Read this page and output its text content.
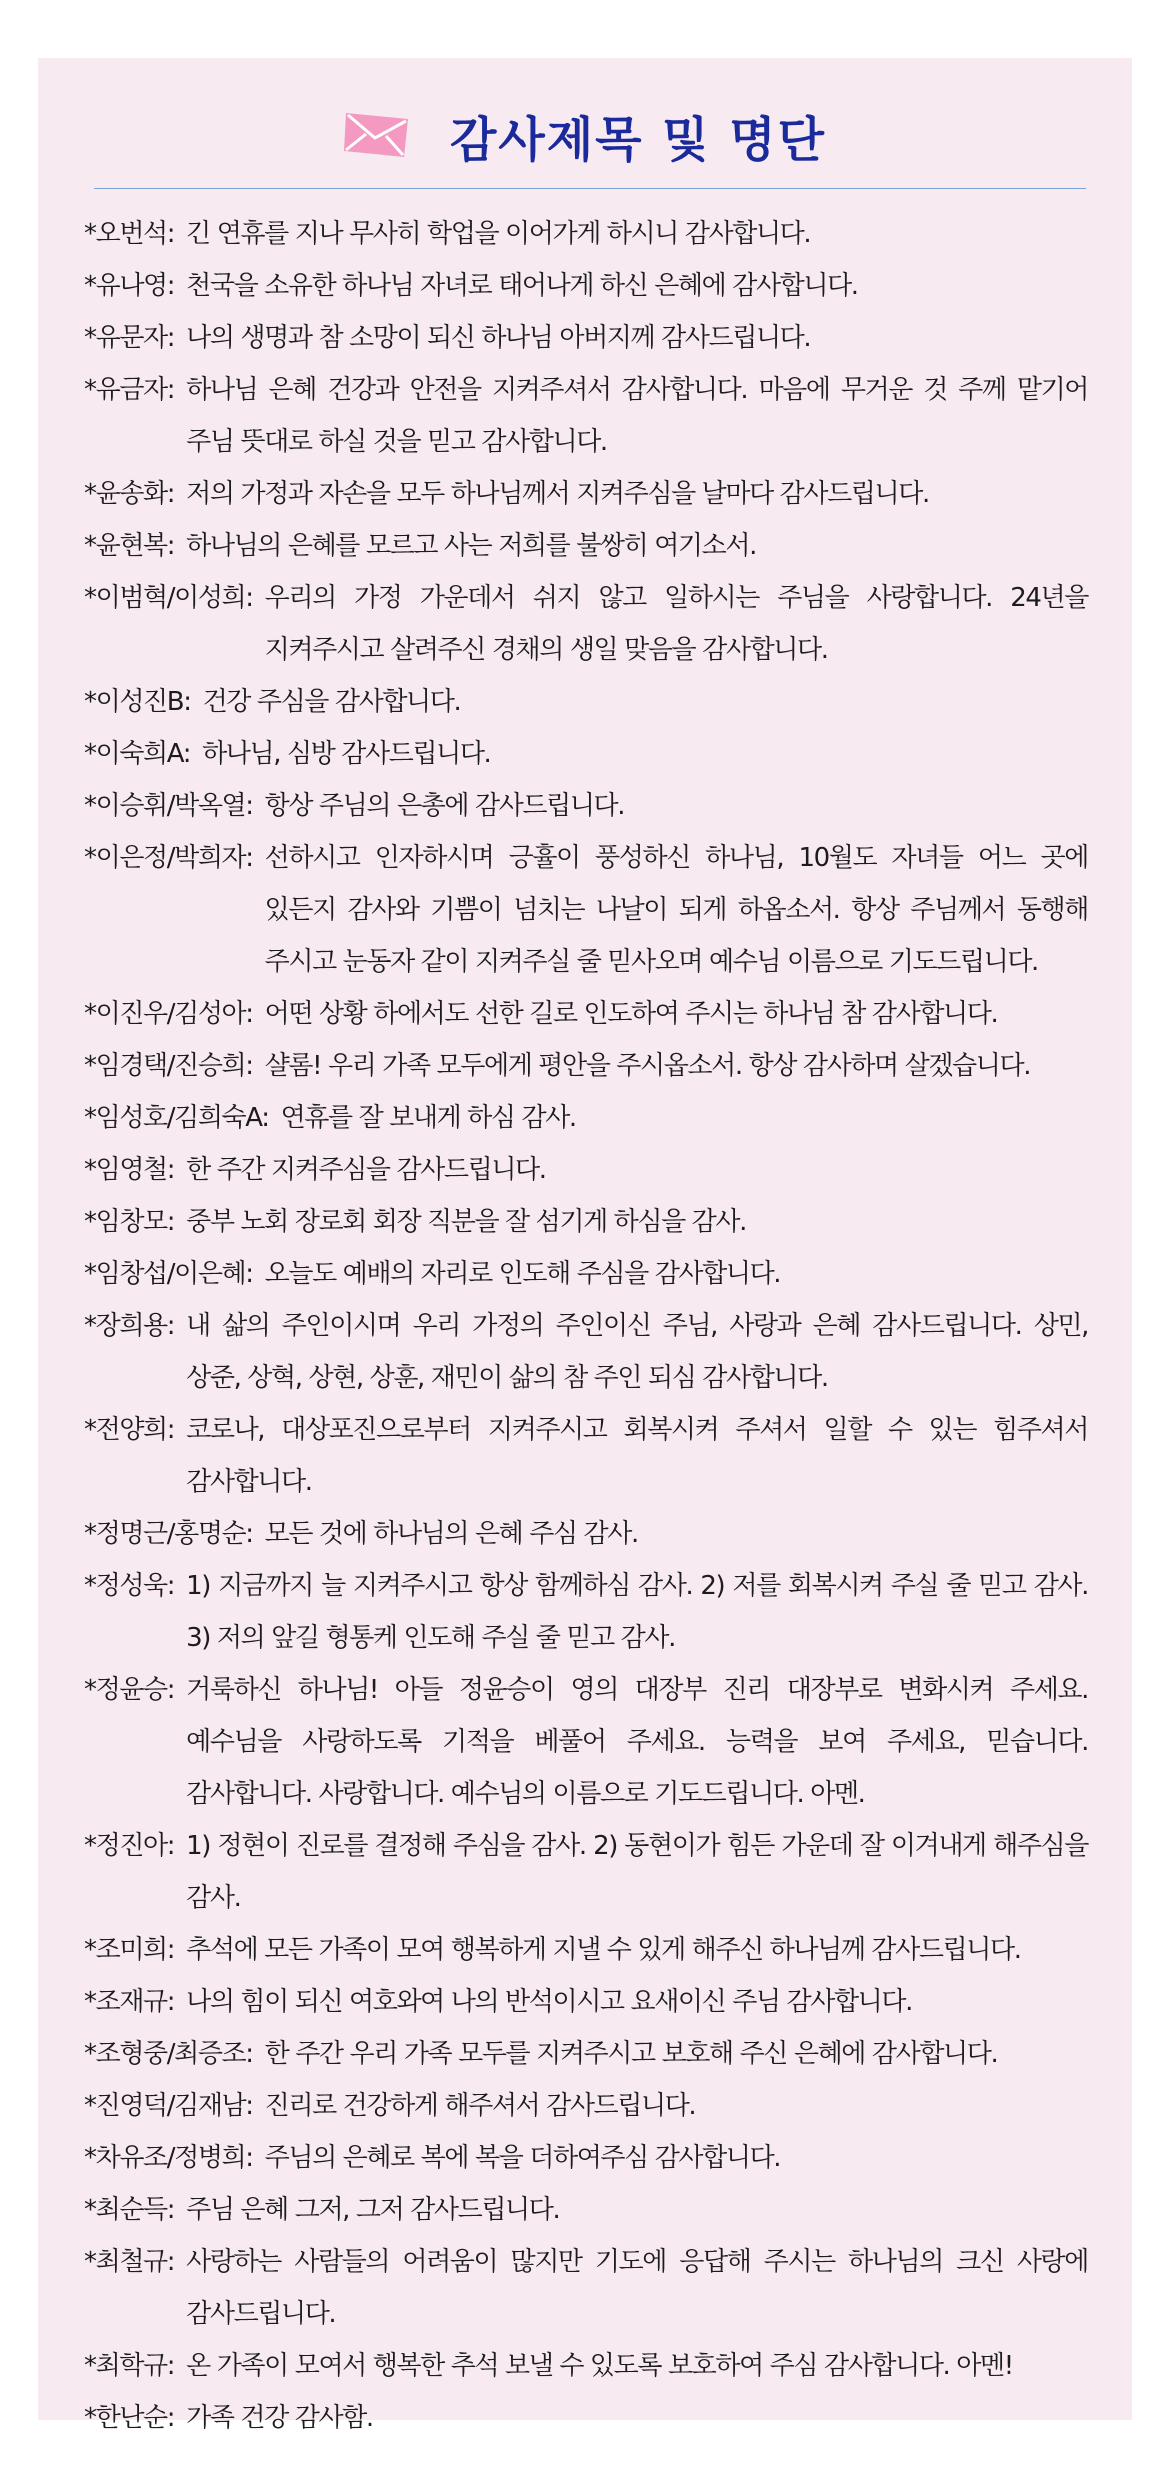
감사제목 및 명단
* 오번석 : 긴 연휴를 지나 무사히 학업을 이어가게 하시니 감사합니다.
* 유나영 : 천국을 소유한 하나님 자녀로 태어나게 하신 은혜에 감사합니다.
* 유문자 : 나의 생명과 참 소망이 되신 하나님 아버지께 감사드립니다.
* 유금자 : 하나님 은혜 건강과 안전을 지켜주셔서 감사합니다. 마음에 무거운 것 주께 맡기어 주님 뜻대로 하실 것을 믿고 감사합니다.
* 윤송화 : 저의 가정과 자손을 모두 하나님께서 지켜주심을 날마다 감사드립니다.
* 윤현복 : 하나님의 은혜를 모르고 사는 저희를 불쌍히 여기소서.
* 이범혁/이성희 : 우리의 가정 가운데서 쉬지 않고 일하시는 주님을 사랑합니다. 24년을 지켜주시고 살려주신 경채의 생일 맞음을 감사합니다.
* 이성진B : 건강 주심을 감사합니다.
* 이숙희A : 하나님, 심방 감사드립니다.
* 이승휘/박옥열 : 항상 주님의 은총에 감사드립니다.
* 이은정/박희자 : 선하시고 인자하시며 긍휼이 풍성하신 하나님, 10월도 자녀들 어느 곳에 있든지 감사와 기쁨이 넘치는 나날이 되게 하옵소서. 항상 주님께서 동행해 주시고 눈동자 같이 지켜주실 줄 믿사오며 예수님 이름으로 기도드립니다.
* 이진우/김성아 : 어떤 상황 하에서도 선한 길로 인도하여 주시는 하나님 참 감사합니다.
* 임경택/진승희 : 샬롬! 우리 가족 모두에게 평안을 주시옵소서. 항상 감사하며 살겠습니다.
* 임성호/김희숙A : 연휴를 잘 보내게 하심 감사.
* 임영철 : 한 주간 지켜주심을 감사드립니다.
* 임창모 : 중부 노회 장로회 회장 직분을 잘 섬기게 하심을 감사.
* 임창섭/이은혜 : 오늘도 예배의 자리로 인도해 주심을 감사합니다.
* 장희용 : 내 삶의 주인이시며 우리 가정의 주인이신 주님, 사랑과 은혜 감사드립니다. 상민, 상준, 상혁, 상현, 상훈, 재민이 삶의 참 주인 되심 감사합니다.
* 전양희 : 코로나, 대상포진으로부터 지켜주시고 회복시켜 주셔서 일할 수 있는 힘주셔서 감사합니다.
* 정명근/홍명순 : 모든 것에 하나님의 은혜 주심 감사.
* 정성욱 : 1) 지금까지 늘 지켜주시고 항상 함께하심 감사. 2) 저를 회복시켜 주실 줄 믿고 감사. 3) 저의 앞길 형통케 인도해 주실 줄 믿고 감사.
* 정윤승 : 거룩하신 하나님! 아들 정윤승이 영의 대장부 진리 대장부로 변화시켜 주세요. 예수님을 사랑하도록 기적을 베풀어 주세요. 능력을 보여 주세요, 믿습니다. 감사합니다. 사랑합니다. 예수님의 이름으로 기도드립니다. 아멘.
* 정진아 : 1) 정현이 진로를 결정해 주심을 감사. 2) 동현이가 힘든 가운데 잘 이겨내게 해주심을 감사.
* 조미희 : 추석에 모든 가족이 모여 행복하게 지낼 수 있게 해주신 하나님께 감사드립니다.
* 조재규 : 나의 힘이 되신 여호와여 나의 반석이시고 요새이신 주님 감사합니다.
* 조형중/최증조 : 한 주간 우리 가족 모두를 지켜주시고 보호해 주신 은혜에 감사합니다.
* 진영덕/김재남 : 진리로 건강하게 해주셔서 감사드립니다.
* 차유조/정병희 : 주님의 은혜로 복에 복을 더하여주심 감사합니다.
* 최순득 : 주님 은혜 그저, 그저 감사드립니다.
* 최철규 : 사랑하는 사람들의 어려움이 많지만 기도에 응답해 주시는 하나님의 크신 사랑에 감사드립니다.
* 최학규 : 온 가족이 모여서 행복한 추석 보낼 수 있도록 보호하여 주심 감사합니다. 아멘!
* 한난순 : 가족 건강 감사함.
